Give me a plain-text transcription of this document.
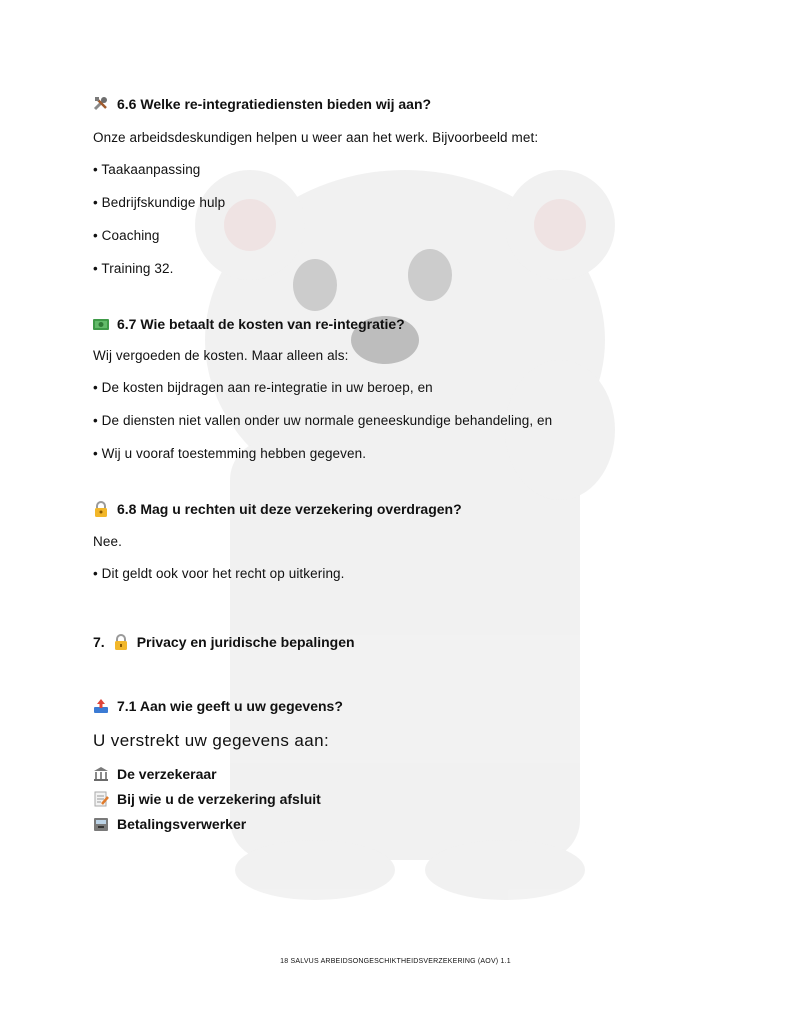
6.6 Welke re-integratiediensten bieden wij aan?
Onze arbeidsdeskundigen helpen u weer aan het werk. Bijvoorbeeld met:
• Taakaanpassing
• Bedrijfskundige hulp
• Coaching
• Training 32.
6.7 Wie betaalt de kosten van re-integratie?
Wij vergoeden de kosten. Maar alleen als:
• De kosten bijdragen aan re-integratie in uw beroep, en
• De diensten niet vallen onder uw normale geneeskundige behandeling, en
• Wij u vooraf toestemming hebben gegeven.
6.8 Mag u rechten uit deze verzekering overdragen?
Nee.
• Dit geldt ook voor het recht op uitkering.
7. Privacy en juridische bepalingen
7.1 Aan wie geeft u uw gegevens?
U verstrekt uw gegevens aan:
De verzekeraar
Bij wie u de verzekering afsluit
Betalingsverwerker
18 SALVUS ARBEIDSONGESCHIKTHEIDSVERZEKERING (AOV) 1.1
